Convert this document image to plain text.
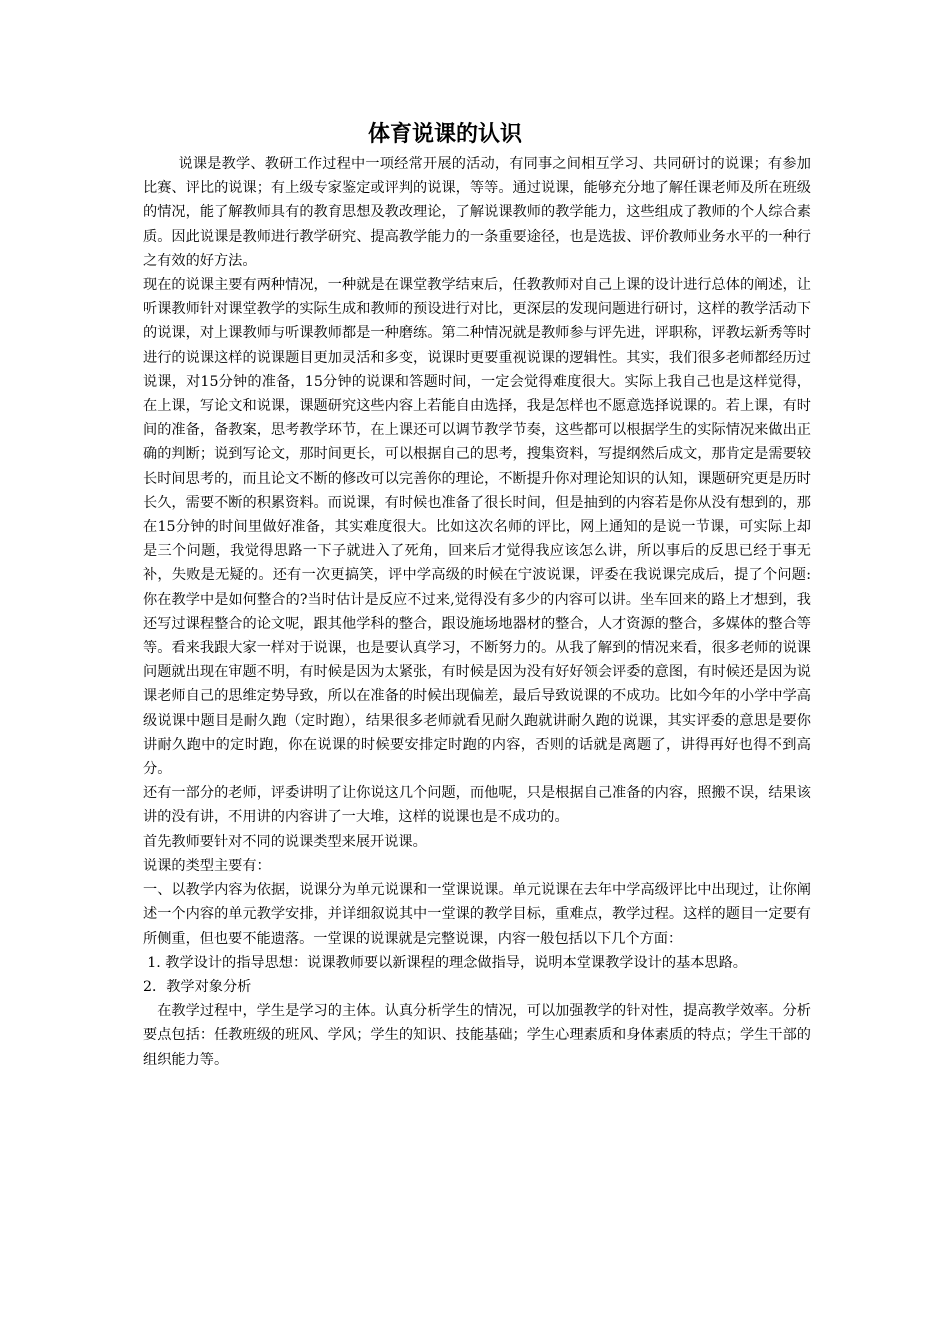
体育说课的认识

说课是教学、教研工作过程中一项经常开展的活动，有同事之间相互学习、共同研讨的说课；有参加比赛、评比的说课；有上级专家鉴定或评判的说课，等等。通过说课，能够充分地了解任课老师及所在班级的情况，能了解教师具有的教育思想及教改理论，了解说课教师的教学能力，这些组成了教师的个人综合素质。因此说课是教师进行教学研究、提高教学能力的一条重要途径，也是选拔、评价教师业务水平的一种行之有效的好方法。

现在的说课主要有两种情况，一种就是在课堂教学结束后，任教教师对自己上课的设计进行总体的阐述，让听课教师针对课堂教学的实际生成和教师的预设进行对比，更深层的发现问题进行研讨，这样的教学活动下的说课，对上课教师与听课教师都是一种磨练。第二种情况就是教师参与评先进，评职称，评教坛新秀等时进行的说课这样的说课题目更加灵活和多变，说课时更要重视说课的逻辑性。其实，我们很多老师都经历过说课，对15分钟的准备，15分钟的说课和答题时间，一定会觉得难度很大。实际上我自己也是这样觉得，在上课，写论文和说课，课题研究这些内容上若能自由选择，我是怎样也不愿意选择说课的。若上课，有时间的准备，备教案，思考教学环节，在上课还可以调节教学节奏，这些都可以根据学生的实际情况来做出正确的判断；说到写论文，那时间更长，可以根据自己的思考，搜集资料，写提纲然后成文，那肯定是需要较长时间思考的，而且论文不断的修改可以完善你的理论，不断提升你对理论知识的认知，课题研究更是历时长久，需要不断的积累资料。而说课，有时候也准备了很长时间，但是抽到的内容若是你从没有想到的，那在15分钟的时间里做好准备，其实难度很大。比如这次名师的评比，网上通知的是说一节课，可实际上却是三个问题，我觉得思路一下子就进入了死角，回来后才觉得我应该怎么讲，所以事后的反思已经于事无补，失败是无疑的。还有一次更搞笑，评中学高级的时候在宁波说课，评委在我说课完成后，提了个问题:你在教学中是如何整合的?当时估计是反应不过来,觉得没有多少的内容可以讲。坐车回来的路上才想到，我还写过课程整合的论文呢，跟其他学科的整合，跟设施场地器材的整合，人才资源的整合，多媒体的整合等等。看来我跟大家一样对于说课，也是要认真学习，不断努力的。从我了解到的情况来看，很多老师的说课问题就出现在审题不明，有时候是因为太紧张，有时候是因为没有好好领会评委的意图，有时候还是因为说课老师自己的思维定势导致，所以在准备的时候出现偏差，最后导致说课的不成功。比如今年的小学中学高级说课中题目是耐久跑（定时跑），结果很多老师就看见耐久跑就讲耐久跑的说课，其实评委的意思是要你讲耐久跑中的定时跑，你在说课的时候要安排定时跑的内容，否则的话就是离题了，讲得再好也得不到高分。

还有一部分的老师，评委讲明了让你说这几个问题，而他呢，只是根据自己准备的内容，照搬不误，结果该讲的没有讲，不用讲的内容讲了一大堆，这样的说课也是不成功的。

首先教师要针对不同的说课类型来展开说课。

说课的类型主要有：

一、以教学内容为依据，说课分为单元说课和一堂课说课。单元说课在去年中学高级评比中出现过，让你阐述一个内容的单元教学安排，并详细叙说其中一堂课的教学目标，重难点，教学过程。这样的题目一定要有所侧重，但也要不能遗落。一堂课的说课就是完整说课，内容一般包括以下几个方面：

1. 教学设计的指导思想：说课教师要以新课程的理念做指导，说明本堂课教学设计的基本思路。

2．教学对象分析

在教学过程中，学生是学习的主体。认真分析学生的情况，可以加强教学的针对性，提高教学效率。分析要点包括：任教班级的班风、学风；学生的知识、技能基础；学生心理素质和身体素质的特点；学生干部的组织能力等。
